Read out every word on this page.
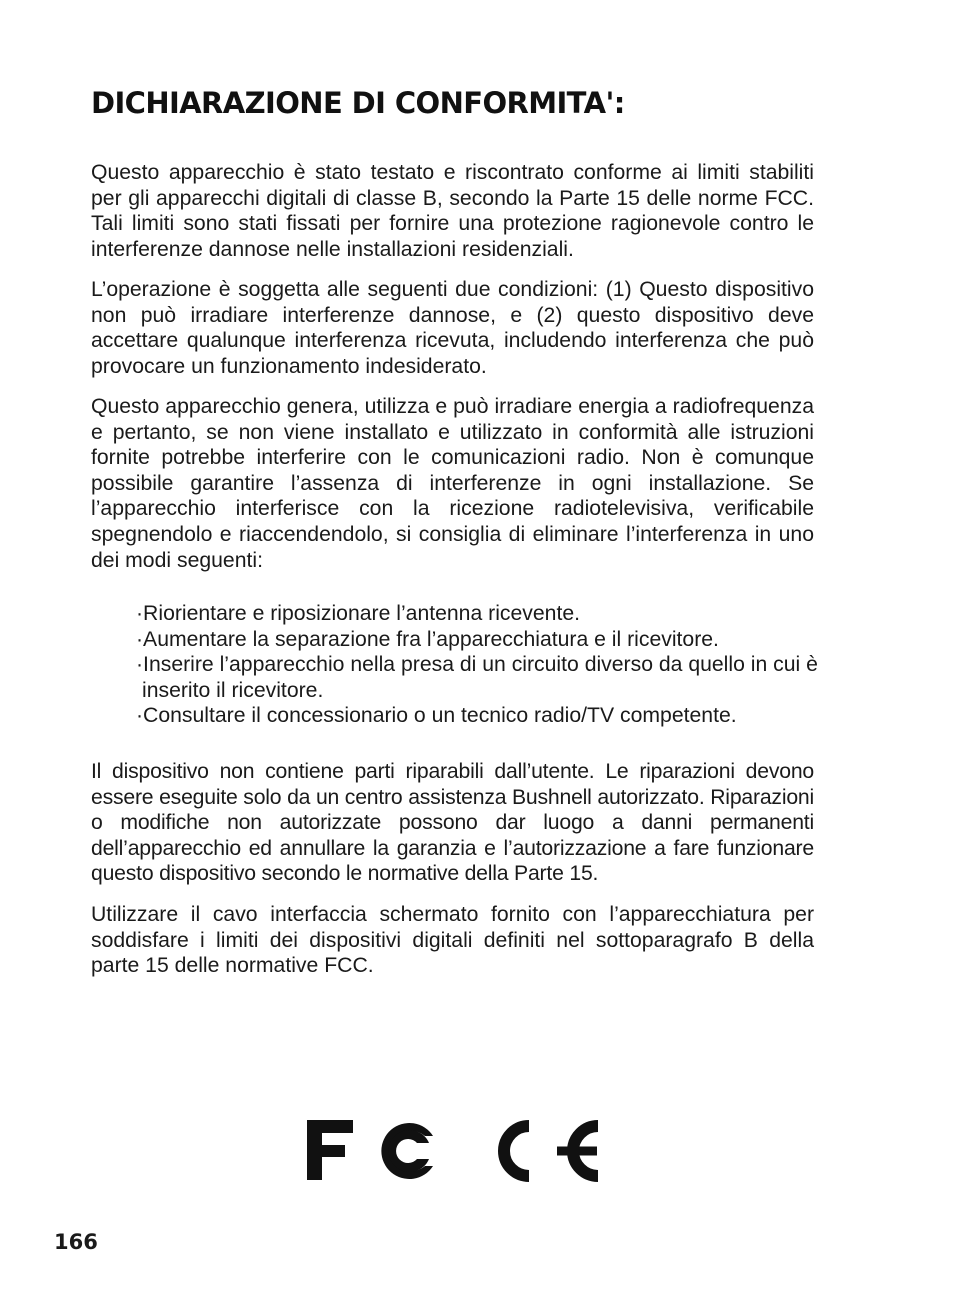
DICHIARAZIONE DI CONFORMITA':

Questo apparecchio è stato testato e riscontrato conforme ai limiti stabiliti per gli apparecchi digitali di classe B, secondo la Parte 15 delle norme FCC. Tali limiti sono stati fissati per fornire una protezione ragionevole contro le interferenze dannose nelle installazioni residenziali.

L’operazione è soggetta alle seguenti due condizioni: (1) Questo dispositivo non può irradiare interferenze dannose, e (2) questo dispositivo deve accettare qualunque interferenza ricevuta, includendo interferenza che può provocare un funzionamento indesiderato.

Questo apparecchio genera, utilizza e può irradiare energia a radiofrequenza e pertanto, se non viene installato e utilizzato in conformità alle istruzioni fornite potrebbe interferire con le comunicazioni radio. Non è comunque possibile garantire l’assenza di interferenze in ogni installazione. Se l’apparecchio interferisce con la ricezione radiotelevisiva, verificabile spegnendolo e riaccendendolo, si consiglia di eliminare l’interferenza in uno dei modi seguenti:

·Riorientare e riposizionare l’antenna ricevente.
·Aumentare la separazione fra l’apparecchiatura e il ricevitore.
·Inserire l’apparecchio nella presa di un circuito diverso da quello in cui è inserito il ricevitore.
·Consultare il concessionario o un tecnico radio/TV competente.

Il dispositivo non contiene parti riparabili dall’utente. Le riparazioni devono essere eseguite solo da un centro assistenza Bushnell autorizzato. Riparazioni o modifiche non autorizzate possono dar luogo a danni permanenti dell’apparecchio ed annullare la garanzia e l’autorizzazione a fare funzionare questo dispositivo secondo le normative della Parte 15.

Utilizzare il cavo interfaccia schermato fornito con l’apparecchiatura per soddisfare i limiti dei dispositivi digitali definiti nel sottoparagrafo B della parte 15 delle normative FCC.

166
